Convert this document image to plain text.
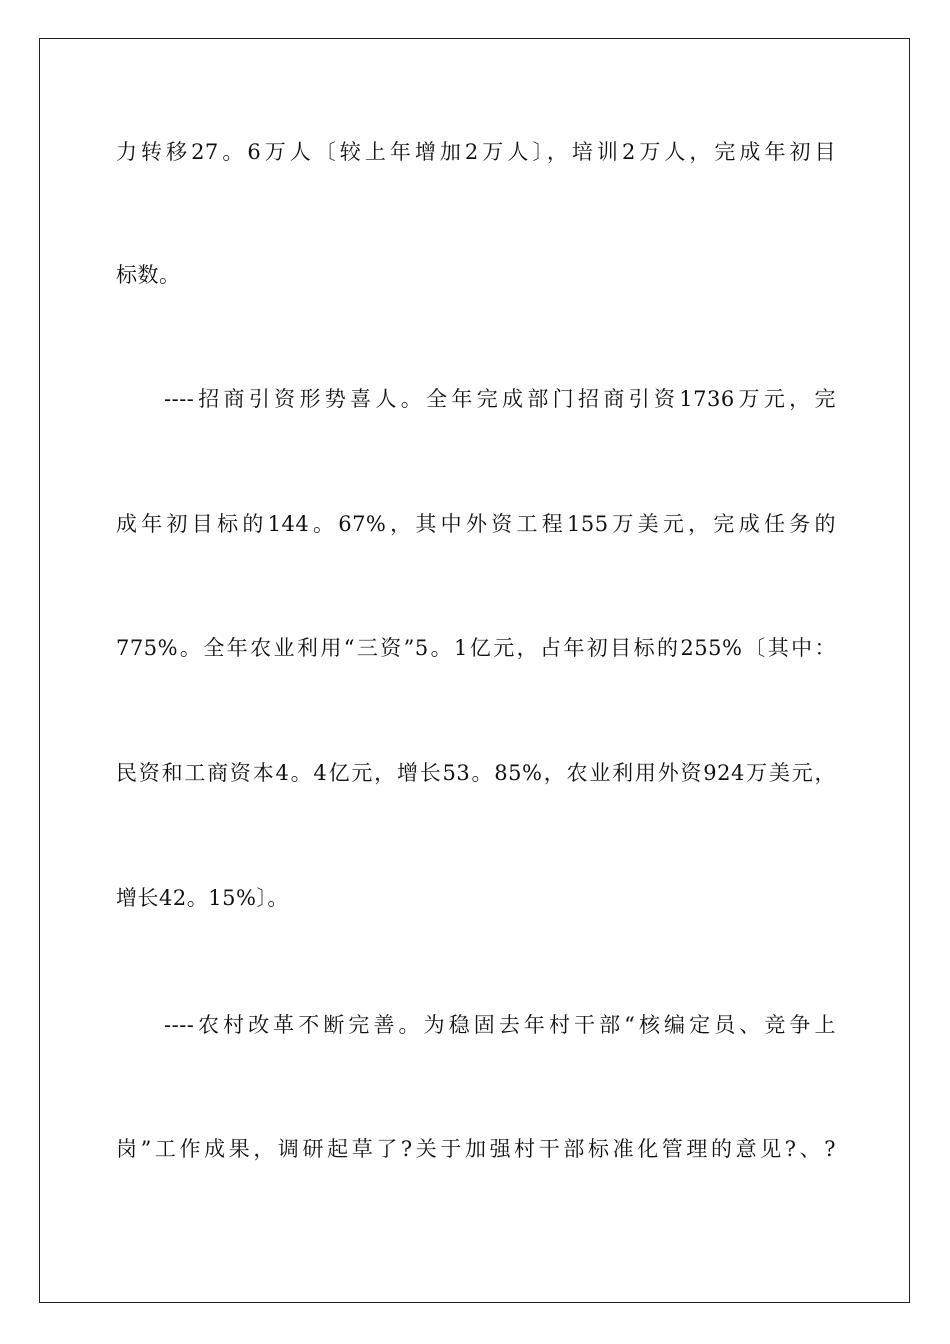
力转移27。6万人〔较上年增加2万人〕，培训2万人，完成年初目
标数。
----招商引资形势喜人。全年完成部门招商引资1736万元，完
成年初目标的144。67%，其中外资工程155万美元，完成任务的
775%。全年农业利用“三资”5。1亿元，占年初目标的255%〔其中：
民资和工商资本4。4亿元，增长53。85%，农业利用外资924万美元，
增长42。15%〕。
----农村改革不断完善。为稳固去年村干部“核编定员、竞争上
岗”工作成果，调研起草了?关于加强村干部标准化管理的意见?、?
